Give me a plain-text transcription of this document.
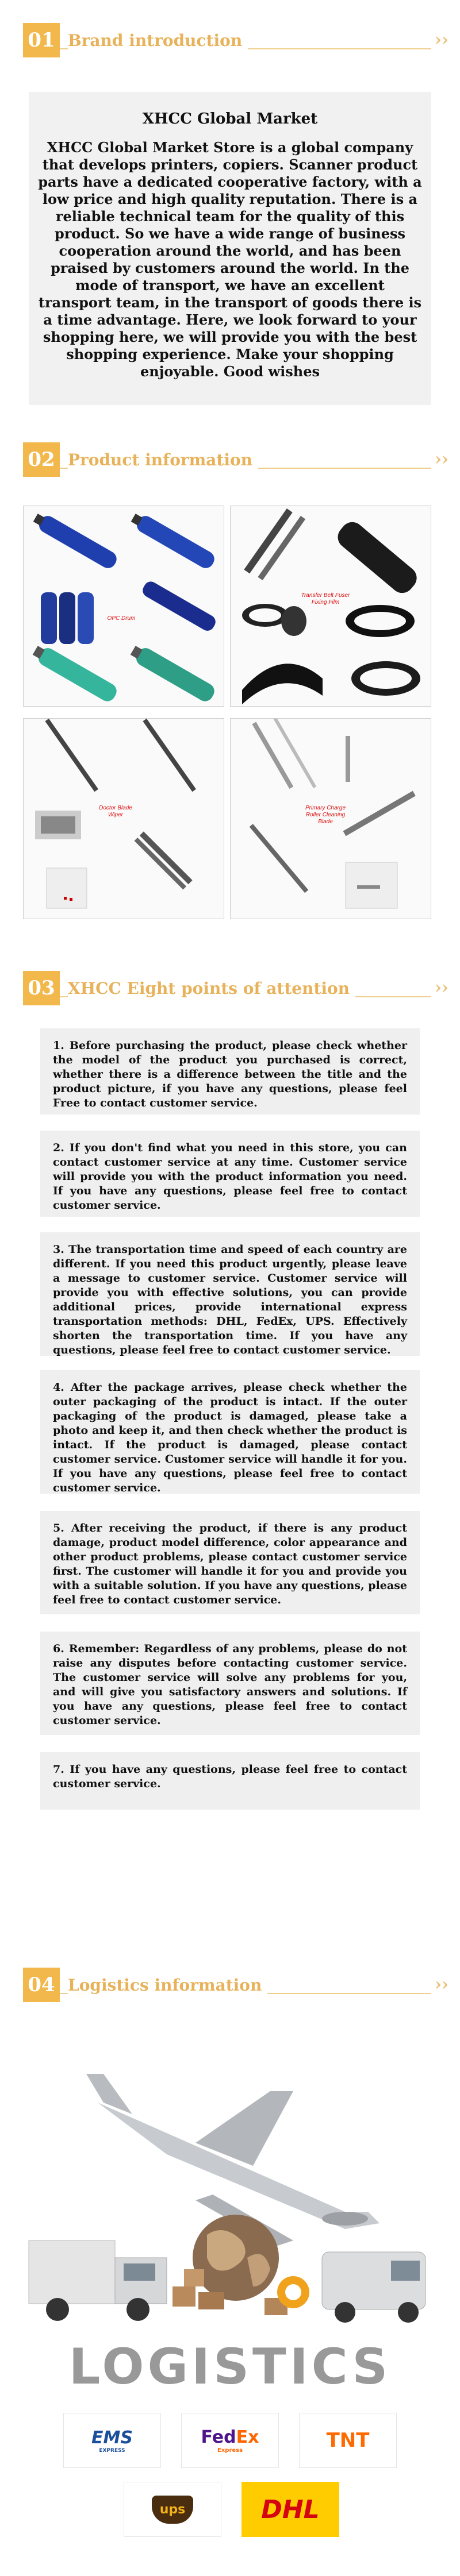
01 Brand introduction	››
XHCC Global Market
XHCC Global Market Store is a global company that develops printers, copiers. Scanner product parts have a dedicated cooperative factory, with a low price and high quality reputation. There is a reliable technical team for the quality of this product. So we have a wide range of business cooperation around the world, and has been praised by customers around the world. In the mode of transport, we have an excellent transport team, in the transport of goods there is a time advantage. Here, we look forward to your shopping here, we will provide you with the best shopping experience. Make your shopping enjoyable. Good wishes
02 Product information	››
OPC Drum
Transfer Belt Fuser Fixing Film
Doctor Blade Wiper
Primary Charge Roller Cleaning Blade
03 XHCC Eight points of attention	››
1. Before purchasing the product, please check whether the model of the product you purchased is correct, whether there is a difference between the title and the product picture, if you have any questions, please feel Free to contact customer service.
2. If you don't find what you need in this store, you can contact customer service at any time. Customer service will provide you with the product information you need. If you have any questions, please feel free to contact customer service.
3. The transportation time and speed of each country are different. If you need this product urgently, please leave a message to customer service. Customer service will provide you with effective solutions, you can provide additional prices, provide international express transportation methods: DHL, FedEx, UPS. Effectively shorten the transportation time. If you have any questions, please feel free to contact customer service.
4. After the package arrives, please check whether the outer packaging of the product is intact. If the outer packaging of the product is damaged, please take a photo and keep it, and then check whether the product is intact. If the product is damaged, please contact customer service. Customer service will handle it for you. If you have any questions, please feel free to contact customer service.
5. After receiving the product, if there is any product damage, product model difference, color appearance and other product problems, please contact customer service first. The customer will handle it for you and provide you with a suitable solution. If you have any questions, please feel free to contact customer service.
6. Remember: Regardless of any problems, please do not raise any disputes before contacting customer service. The customer service will solve any problems for you, and will give you satisfactory answers and solutions. If you have any questions, please feel free to contact customer service.
7. If you have any questions, please feel free to contact customer service.
04 Logistics information	››
LOGISTICS
EMS
EXPRESS
FedEx
Express	TNT
ups	DHL
